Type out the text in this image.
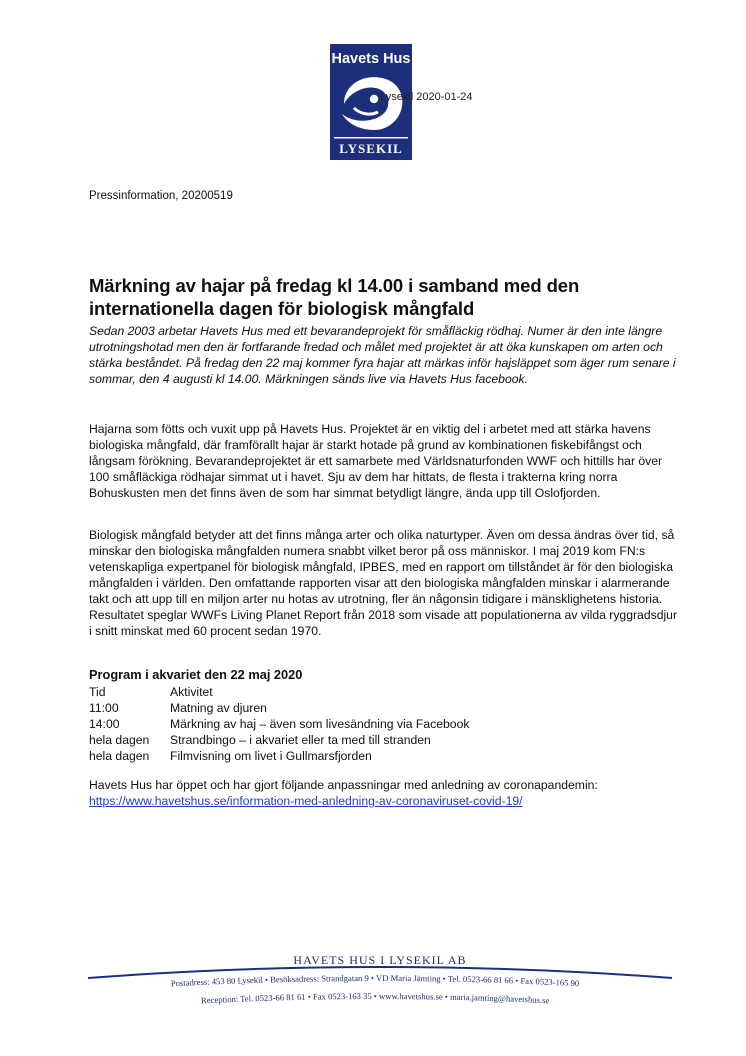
Havets Hus
LYSEKIL
Lysekil 2020-01-24
Pressinformation, 20200519
Märkning av hajar på fredag kl 14.00 i samband med den internationella dagen för biologisk mångfald

Sedan 2003 arbetar Havets Hus med ett bevarandeprojekt för småfläckig rödhaj. Numer är den inte längre utrotningshotad men den är fortfarande fredad och målet med projektet är att öka kunskapen om arten och stärka beståndet. På fredag den 22 maj kommer fyra hajar att märkas inför hajsläppet som äger rum senare i sommar, den 4 augusti kl 14.00. Märkningen sänds live via Havets Hus facebook.

Hajarna som fötts och vuxit upp på Havets Hus. Projektet är en viktig del i arbetet med att stärka havens biologiska mångfald, där framförallt hajar är starkt hotade på grund av kombinationen fiskebifångst och långsam förökning. Bevarandeprojektet är ett samarbete med Världsnaturfonden WWF och hittills har över 100 småfläckiga rödhajar simmat ut i havet. Sju av dem har hittats, de flesta i trakterna kring norra Bohuskusten men det finns även de som har simmat betydligt längre, ända upp till Oslofjorden.

Biologisk mångfald betyder att det finns många arter och olika naturtyper. Även om dessa ändras över tid, så minskar den biologiska mångfalden numera snabbt vilket beror på oss människor. I maj 2019 kom FN:s vetenskapliga expertpanel för biologisk mångfald, IPBES, med en rapport om tillståndet är för den biologiska mångfalden i världen. Den omfattande rapporten visar att den biologiska mångfalden minskar i alarmerande takt och att upp till en miljon arter nu hotas av utrotning, fler än någonsin tidigare i mänsklighetens historia. Resultatet speglar WWFs Living Planet Report från 2018 som visade att populationerna av vilda ryggradsdjur i snitt minskat med 60 procent sedan 1970.

Program i akvariet den 22 maj 2020
Tid	Aktivitet
11:00	Matning av djuren
14:00	Märkning av haj – även som livesändning via Facebook
hela dagen	Strandbingo – i akvariet eller ta med till stranden
hela dagen	Filmvisning om livet i Gullmarsfjorden

Havets Hus har öppet och har gjort följande anpassningar med anledning av coronapandemin:

https://www.havetshus.se/information-med-anledning-av-coronaviruset-covid-19/
HAVETS HUS I LYSEKIL AB
Postadress: 453 80 Lysekil • Besöksadress: Strandgatan 9 • VD Maria Jämting • Tel. 0523-66 81 66 • Fax 0523-165 90
Reception: Tel. 0523-66 81 61 • Fax 0523-163 35 • www.havetshus.se • maria.jamting@havetshus.se
